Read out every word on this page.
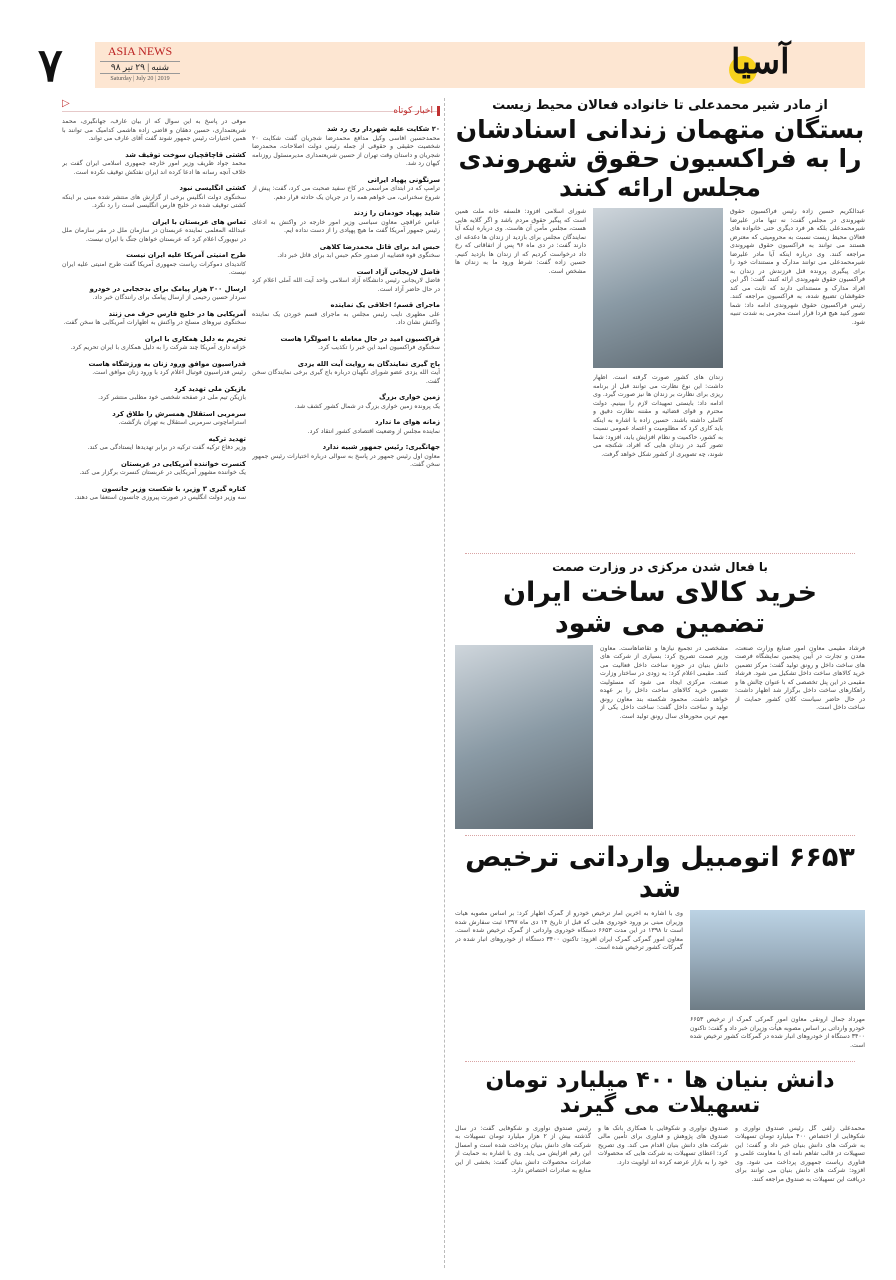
۷	ASIA NEWS
شنبه | ۲۹ تیر ۹۸
Saturday | July 20 | 2019	آسیا
اخبار کوتاه
▷
۲۰ شکایت علیه شهردار ری رد شد

محمدحسین افاسی وکیل مدافع محمدرضا شجریان گفت شکایت ۲۰ شخصیت حقیقی و حقوقی از جمله رئیس دولت اصلاحات، محمدرضا شجریان و داستان وقت تهران از حسین شریعتمداری مدیرمسئول روزنامه کیهان رد شد.

سرنگونی پهپاد ایرانی

ترامپ که در ابتدای مراسمی در کاخ سفید صحبت می کرد، گفت: پیش از شروع سخنرانی، می خواهم همه را در جریان یک حادثه قرار دهم.

شاید پهپاد خودمان را زدند

عباس عراقچی معاون سیاسی وزیر امور خارجه در واکنش به ادعای رئیس جمهور آمریکا گفت ما هیچ پهپادی را از دست نداده ایم.

حبس ابد برای قاتل محمدرضا کلاهی

سخنگوی قوه قضاییه از صدور حکم حبس ابد برای قاتل خبر داد.

فاضل لاریجانی آزاد است

فاضل لاریجانی رئیس دانشگاه آزاد اسلامی واحد آیت الله آملی اعلام کرد در حال حاضر آزاد است.

ماجرای قسم؛ اخلاقی یک نماینده

علی مطهری نایب رئیس مجلس به ماجرای قسم خوردن یک نماینده واکنش نشان داد.

فراکسیون امید در حال معامله با اصولگرا هاست

سخنگوی فراکسیون امید این خبر را تکذیب کرد.

باج گیری نمایندگان به روایت آیت الله یزدی

آیت الله یزدی عضو شورای نگهبان درباره باج گیری برخی نمایندگان سخن گفت.

زمین خواری بزرگ

یک پرونده زمین خواری بزرگ در شمال کشور کشف شد.

زمانه هوای ما ندارد

نماینده مجلس از وضعیت اقتصادی کشور انتقاد کرد.

جهانگیری: رئیس جمهور شبیه ندارد

معاون اول رئیس جمهور در پاسخ به سوالی درباره اختیارات رئیس جمهور سخن گفت.

موفی در پاسخ به این سوال که از بیان عارف، جهانگیری، محمد شریعتمداری، حسین دهقان و قاضی زاده هاشمی کدامیک می توانند با همین اختیارات رئیس جمهور شوند گفت آقای عارف می تواند.

کشتی قاچاقچیان سوخت توقیف شد

محمد جواد ظریف وزیر امور خارجه جمهوری اسلامی ایران گفت بر خلاف آنچه رسانه ها ادعا کرده اند ایران نفتکش توقیف نکرده است.

کشتی انگلیسی نبود

سخنگوی دولت انگلیس برخی از گزارش های منتشر شده مبنی بر اینکه کشتی توقیف شده در خلیج فارس انگلیسی است را رد نکرد.

تماس های عربستان با ایران

عبدالله المعلمی نماینده عربستان در سازمان ملل در مقر سازمان ملل در نیویورک اعلام کرد که عربستان خواهان جنگ با ایران نیست.

طرح امنیتی آمریکا علیه ایران نیست

کاندیدای دموکرات ریاست جمهوری آمریکا گفت طرح امنیتی علیه ایران نیست.

ارسال ۲۰۰ هزار پیامک برای بدحجابی در خودرو

سردار حسین رحیمی از ارسال پیامک برای رانندگان خبر داد.

آمریکایی ها در خلیج فارس حرف می زنند

سخنگوی نیروهای مسلح در واکنش به اظهارات آمریکایی ها سخن گفت.

تحریم به دلیل همکاری با ایران

خزانه داری آمریکا چند شرکت را به دلیل همکاری با ایران تحریم کرد.

فدراسیون موافق ورود زنان به ورزشگاه هاست

رئیس فدراسیون فوتبال اعلام کرد با ورود زنان موافق است.

بازیکن ملی تهدید کرد

بازیکن تیم ملی در صفحه شخصی خود مطلبی منتشر کرد.

سرمربی استقلال همسرش را طلاق کرد

استراماچونی سرمربی استقلال به تهران بازگشت.

تهدید ترکیه

وزیر دفاع ترکیه گفت ترکیه در برابر تهدیدها ایستادگی می کند.

کنسرت خواننده آمریکایی در عربستان

یک خواننده مشهور آمریکایی در عربستان کنسرت برگزار می کند.

کناره گیری ۳ وزیر، با شکست وزیر جانسون

سه وزیر دولت انگلیس در صورت پیروزی جانسون استعفا می دهند.

از مادر شیر محمدعلی تا خانواده فعالان محیط زیست
بستگان متهمان زندانی اسنادشان را به فراکسیون حقوق شهروندی مجلس ارائه کنند
عبدالکریم حسین زاده رئیس فراکسیون حقوق شهروندی در مجلس گفت: نه تنها مادر علیرضا شیرمحمدعلی بلکه هر فرد دیگری حتی خانواده های فعالان محیط زیست نسبت به محرومیتی که معترض هستند می توانند به فراکسیون حقوق شهروندی مراجعه کنند. وی درباره اینکه آیا مادر علیرضا شیرمحمدعلی می توانند مدارک و مستندات خود را برای پیگیری پرونده قتل فرزندش در زندان به فراکسیون حقوق شهروندی ارائه کنند، گفت: اگر این افراد مدارک و مستنداتی دارند که ثابت می کند حقوقشان تضییع شده، به فراکسیون مراجعه کنند. رئیس فراکسیون حقوق شهروندی ادامه داد: شما تصور کنید هیچ فردا قرار است مجرمی به شدت تنبیه شود.
زندان های کشور صورت گرفته است. اظهار داشت: این نوع نظارت می توانند قبل از برنامه ریزی برای نظارت بر زندان ها نیز صورت گیرد. وی ادامه داد: بایستی تمهیدات لازم را ببینیم. دولت محترم و قوای قضائیه و مقننه نظارت دقیق و کاملی داشته باشند. حسین زاده با اشاره به اینکه باید کاری کرد که مظلومیت و اعتماد عمومی نسبت به کشور، حاکمیت و نظام افزایش یابد، افزود: شما تصور کنید در زندان هایی که افراد، شکنجه می شوند، چه تصویری از کشور شکل خواهد گرفت.
شورای اسلامی افزود: فلسفه خانه ملت همین است که پیگیر حقوق مردم باشد و اگر گلایه هایی هست، مجلس مأمن آن هاست. وی درباره اینکه آیا نمایندگان مجلس برای بازدید از زندان ها دغدغه ای دارند گفت: در دی ماه ۹۶ پس از اتفاقاتی که رخ داد درخواست کردیم که از زندان ها بازدید کنیم. حسین زاده گفت: شرط ورود ما به زندان ها مشخص است.
با فعال شدن مرکزی در وزارت صمت
خرید کالای ساخت ایران تضمین می شود
فرشاد مقیمی معاون امور صنایع وزارت صنعت، معدن و تجارت در آیین پنجمین نمایشگاه فرصت های ساخت داخل و رونق تولید گفت: مرکز تضمین خرید کالاهای ساخت داخل تشکیل می شود. فرشاد مقیمی در این پنل تخصصی که با عنوان چالش ها و راهکارهای ساخت داخل برگزار شد اظهار داشت: در حال حاضر سیاست کلان کشور حمایت از ساخت داخل است.
مشخصی در تجمیع نیازها و تقاضاهاست. معاون وزیر صمت تصریح کرد: بسیاری از شرکت های دانش بنیان در حوزه ساخت داخل فعالیت می کنند. مقیمی اعلام کرد: به زودی در ساختار وزارت صنعت، مرکزی ایجاد می شود که مسئولیت تضمین خرید کالاهای ساخت داخل را بر عهده خواهد داشت. محمود شکسته بند معاون رونق تولید و ساخت داخل گفت: ساخت داخل یکی از مهم ترین محورهای سال رونق تولید است.
۶۶۵۳ اتومبیل وارداتی ترخیص شد
مهرداد جمال ارونقی معاون امور گمرکی گمرک از ترخیص ۶۶۵۳ خودرو وارداتی بر اساس مصوبه هیأت وزیران خبر داد و گفت: تاکنون ۳۴۰۰ دستگاه از خودروهای انبار شده در گمرکات کشور ترخیص شده است.
وی با اشاره به آخرین آمار ترخیص خودرو از گمرک اظهار کرد: بر اساس مصوبه هیأت وزیران مبنی بر ورود خودروی هایی که قبل از تاریخ ۱۴ دی ماه ۱۳۹۷ ثبت سفارش شده است تا ۱۳۹۸ در این مدت ۶۶۵۳ دستگاه خودروی وارداتی از گمرک ترخیص شده است. معاون امور گمرکی گمرک ایران افزود: تاکنون ۳۴۰۰ دستگاه از خودروهای انبار شده در گمرکات کشور ترخیص شده است.
دانش بنیان ها ۴۰۰ میلیارد تومان تسهیلات می گیرند
محمدعلی زلفی گل رئیس صندوق نوآوری و شکوفایی از اختصاص ۴۰۰ میلیارد تومان تسهیلات به شرکت های دانش بنیان خبر داد و گفت: این تسهیلات در قالب تفاهم نامه ای با معاونت علمی و فناوری ریاست جمهوری پرداخت می شود. وی افزود: شرکت های دانش بنیان می توانند برای دریافت این تسهیلات به صندوق مراجعه کنند.
صندوق نوآوری و شکوفایی با همکاری بانک ها و صندوق های پژوهش و فناوری برای تأمین مالی شرکت های دانش بنیان اقدام می کند. وی تصریح کرد: اعطای تسهیلات به شرکت هایی که محصولات خود را به بازار عرضه کرده اند اولویت دارد.
رئیس صندوق نوآوری و شکوفایی گفت: در سال گذشته بیش از ۲ هزار میلیارد تومان تسهیلات به شرکت های دانش بنیان پرداخت شده است و امسال این رقم افزایش می یابد. وی با اشاره به حمایت از صادرات محصولات دانش بنیان گفت: بخشی از این منابع به صادرات اختصاص دارد.
